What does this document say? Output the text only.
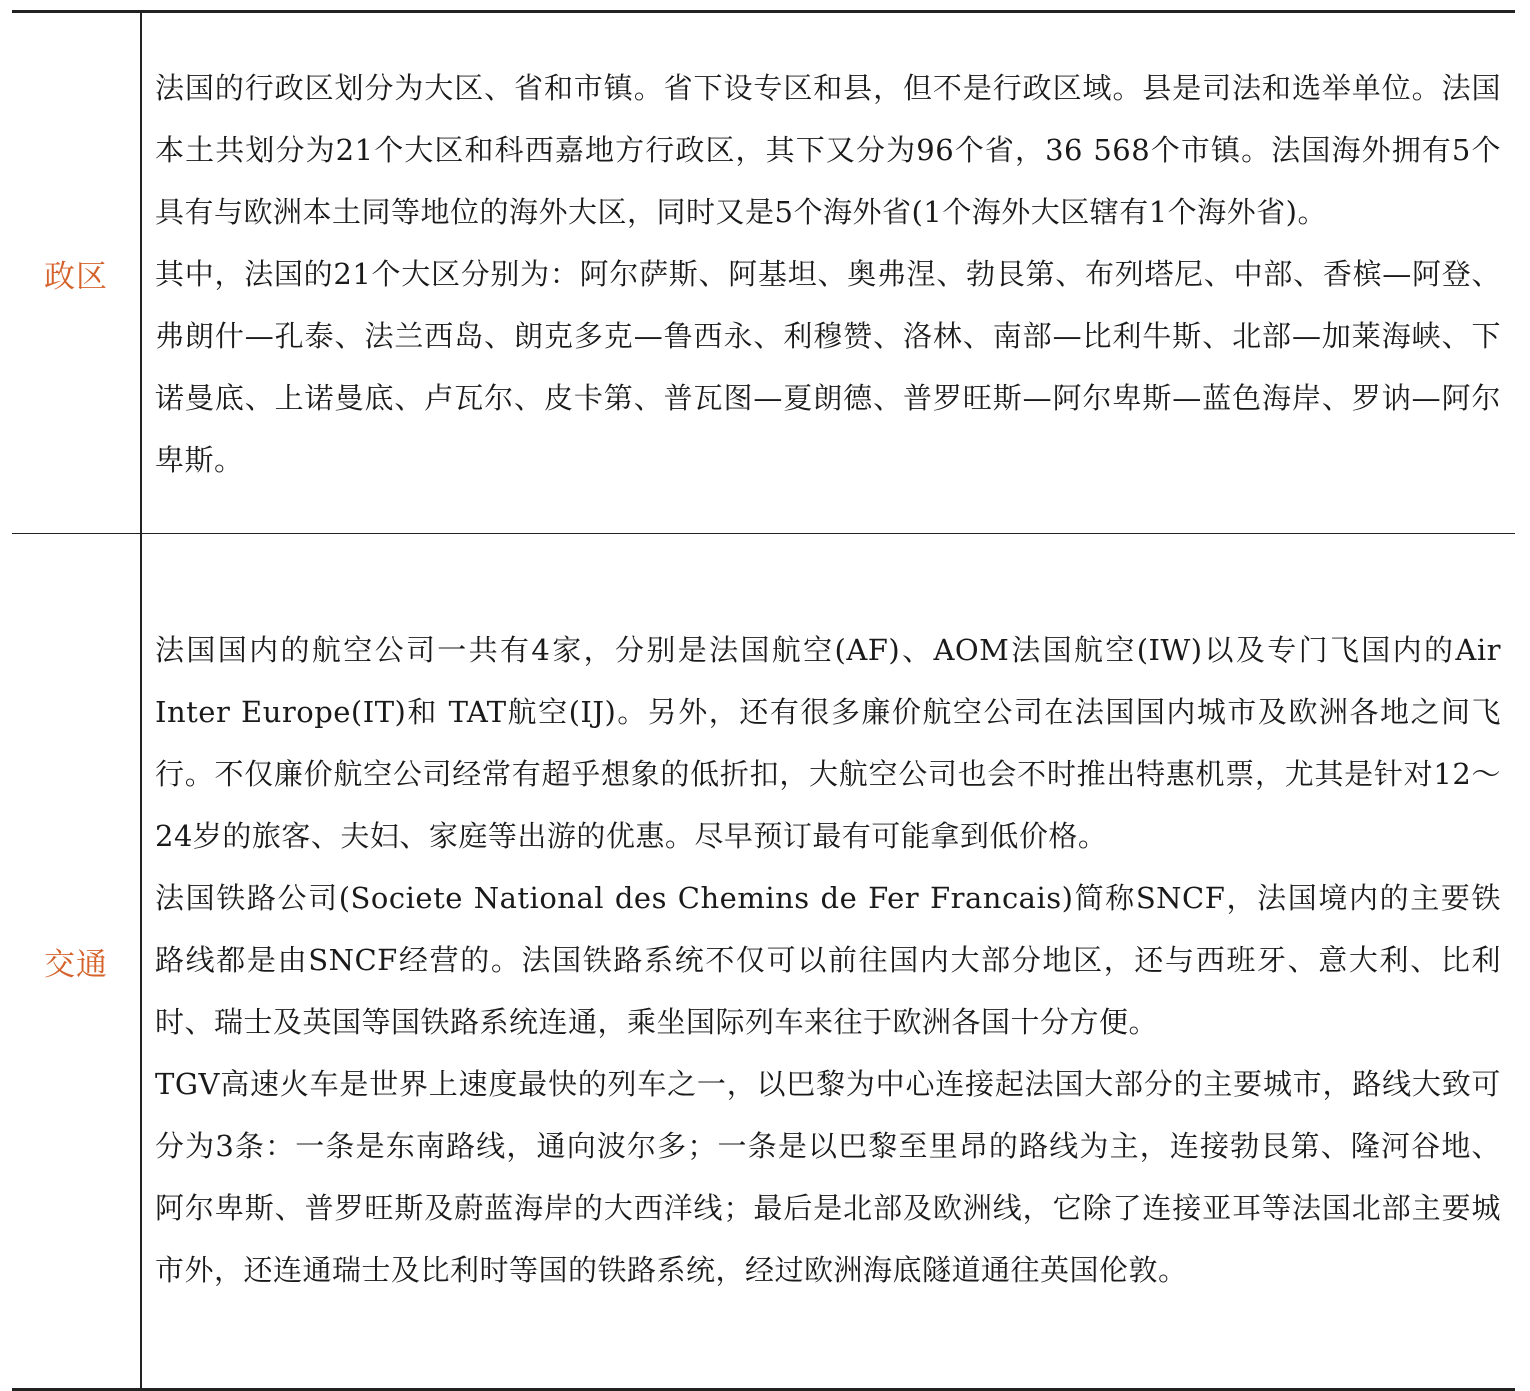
政区	法国的行政区划分为大区、省和市镇。省下设专区和县，但不是行政区域。县是司法和选举单位。法国本土共划分为21个大区和科西嘉地方行政区，其下又分为96个省，36 568个市镇。法国海外拥有5个具有与欧洲本土同等地位的海外大区，同时又是5个海外省(1个海外大区辖有1个海外省)。

其中，法国的21个大区分别为：阿尔萨斯、阿基坦、奥弗涅、勃艮第、布列塔尼、中部、香槟—阿登、弗朗什—孔泰、法兰西岛、朗克多克—鲁西永、利穆赞、洛林、南部—比利牛斯、北部—加莱海峡、下诺曼底、上诺曼底、卢瓦尔、皮卡第、普瓦图—夏朗德、普罗旺斯—阿尔卑斯—蓝色海岸、罗讷—阿尔卑斯。

交通	法国国内的航空公司一共有4家，分别是法国航空(AF)、AOM法国航空(IW)以及专门飞国内的Air Inter Europe(IT)和 TAT航空(IJ)。另外，还有很多廉价航空公司在法国国内城市及欧洲各地之间飞行。不仅廉价航空公司经常有超乎想象的低折扣，大航空公司也会不时推出特惠机票，尤其是针对12～24岁的旅客、夫妇、家庭等出游的优惠。尽早预订最有可能拿到低价格。

法国铁路公司(Societe National des Chemins de Fer Francais)简称SNCF，法国境内的主要铁路线都是由SNCF经营的。法国铁路系统不仅可以前往国内大部分地区，还与西班牙、意大利、比利时、瑞士及英国等国铁路系统连通，乘坐国际列车来往于欧洲各国十分方便。

TGV高速火车是世界上速度最快的列车之一，以巴黎为中心连接起法国大部分的主要城市，路线大致可分为3条：一条是东南路线，通向波尔多；一条是以巴黎至里昂的路线为主，连接勃艮第、隆河谷地、阿尔卑斯、普罗旺斯及蔚蓝海岸的大西洋线；最后是北部及欧洲线，它除了连接亚耳等法国北部主要城市外，还连通瑞士及比利时等国的铁路系统，经过欧洲海底隧道通往英国伦敦。
